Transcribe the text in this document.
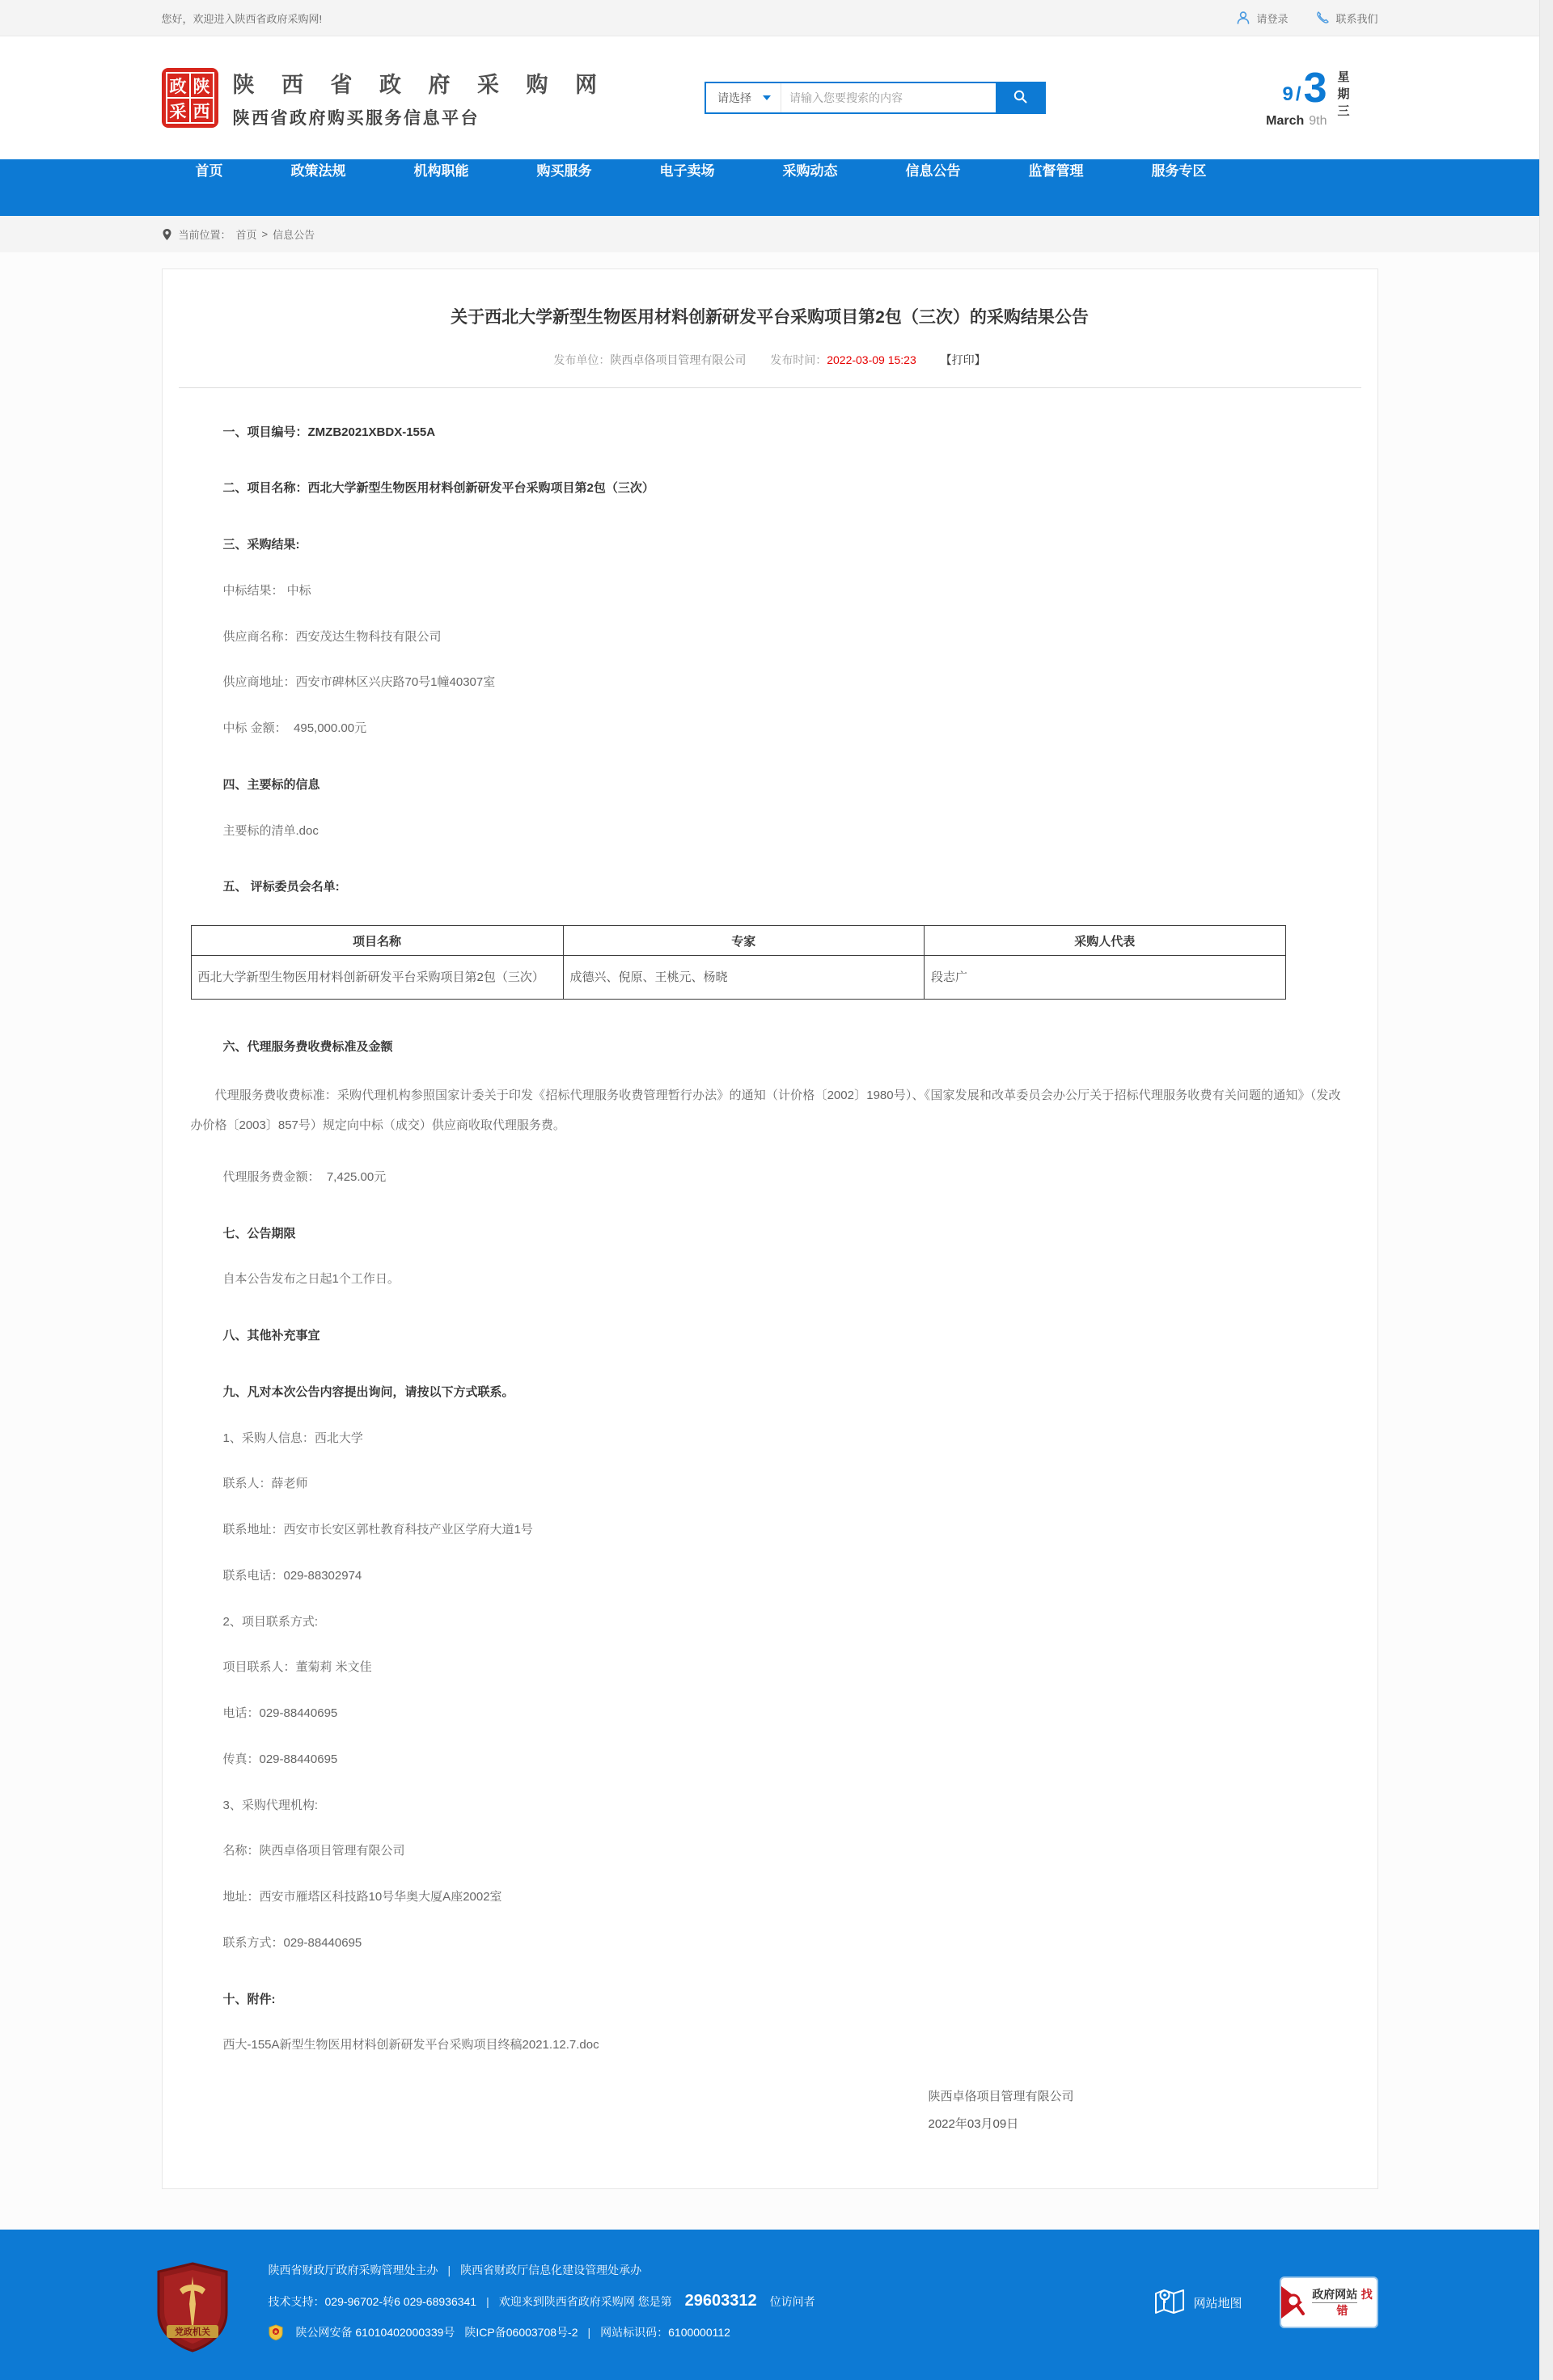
您好，欢迎进入陕西省政府采购网!	请登录	联系我们
政 陕
采 西
陕 西 省 政 府 采 购 网
陕西省政府购买服务信息平台
请选择
请输入您要搜索的内容	9 / 3
March 9th 星期三
首页	政策法规	机构职能	购买服务	电子卖场	采购动态	信息公告	监督管理	服务专区
当前位置： 首页 > 信息公告
关于西北大学新型生物医用材料创新研发平台采购项目第2包（三次）的采购结果公告
发布单位：陕西卓佫项目管理有限公司 发布时间：2022-03-09 15:23 【打印】
一、项目编号：ZMZB2021XBDX-155A
二、项目名称：西北大学新型生物医用材料创新研发平台采购项目第2包（三次）
三、采购结果:
中标结果： 中标
供应商名称：西安茂达生物科技有限公司
供应商地址：西安市碑林区兴庆路70号1幢40307室
中标 金额：  495,000.00元
四、主要标的信息
主要标的清单.doc
五、 评标委员会名单:
项目名称	专家	采购人代表
西北大学新型生物医用材料创新研发平台采购项目第2包（三次）	成德兴、倪原、王桃元、杨晓	段志广
六、代理服务费收费标准及金额
代理服务费收费标准：采购代理机构参照国家计委关于印发《招标代理服务收费管理暂行办法》的通知（计价格〔2002〕1980号）、《国家发展和改革委员会办公厅关于招标代理服务收费有关问题的通知》（发改办价格〔2003〕857号）规定向中标（成交）供应商收取代理服务费。
代理服务费金额：  7,425.00元
七、公告期限
自本公告发布之日起1个工作日。
八、其他补充事宜
九、凡对本次公告内容提出询问，请按以下方式联系。
1、采购人信息：西北大学
联系人：薛老师
联系地址：西安市长安区郭杜教育科技产业区学府大道1号
联系电话：029-88302974
2、项目联系方式:
项目联系人：董菊莉 米文佳
电话：029-88440695
传真：029-88440695
3、采购代理机构:
名称：陕西卓佫项目管理有限公司
地址：西安市雁塔区科技路10号华奥大厦A座2002室
联系方式：029-88440695
十、附件:
西大-155A新型生物医用材料创新研发平台采购项目终稿2021.12.7.doc
陕西卓佫项目管理有限公司
2022年03月09日
党政机关
陕西省财政厅政府采购管理处主办 | 陕西省财政厅信息化建设管理处承办
技术支持：029-96702-转6 029-68936341 | 欢迎来到陕西省政府采购网 您是第 29603312 位访问者
陕公网安备 61010402000339号 陕ICP备06003708号-2 | 网站标识码：6100000112
网站地图
政府网站 找错
